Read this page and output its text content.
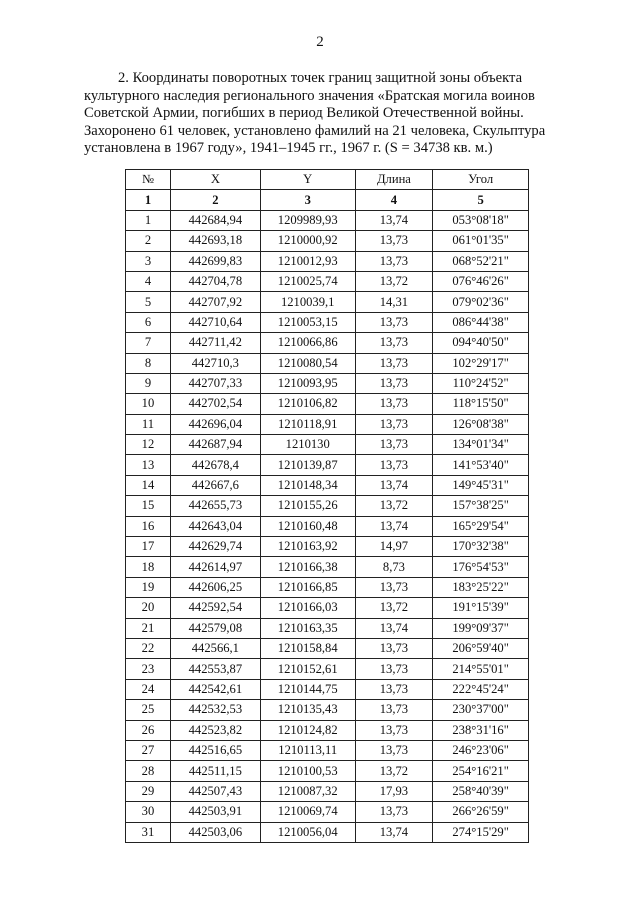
2
2. Координаты поворотных точек границ защитной зоны объекта
культурного наследия регионального значения «Братская могила воинов
Советской Армии, погибших в период Великой Отечественной войны.
Захоронено 61 человек, установлено фамилий на 21 человека, Скульптура
установлена в 1967 году», 1941–1945 гг., 1967 г. (S = 34738 кв. м.)
№	X	Y	Длина	Угол
1	2	3	4	5
1	442684,94	1209989,93	13,74	053°08'18"
2	442693,18	1210000,92	13,73	061°01'35"
3	442699,83	1210012,93	13,73	068°52'21"
4	442704,78	1210025,74	13,72	076°46'26"
5	442707,92	1210039,1	14,31	079°02'36"
6	442710,64	1210053,15	13,73	086°44'38"
7	442711,42	1210066,86	13,73	094°40'50"
8	442710,3	1210080,54	13,73	102°29'17"
9	442707,33	1210093,95	13,73	110°24'52"
10	442702,54	1210106,82	13,73	118°15'50"
11	442696,04	1210118,91	13,73	126°08'38"
12	442687,94	1210130	13,73	134°01'34"
13	442678,4	1210139,87	13,73	141°53'40"
14	442667,6	1210148,34	13,74	149°45'31"
15	442655,73	1210155,26	13,72	157°38'25"
16	442643,04	1210160,48	13,74	165°29'54"
17	442629,74	1210163,92	14,97	170°32'38"
18	442614,97	1210166,38	8,73	176°54'53"
19	442606,25	1210166,85	13,73	183°25'22"
20	442592,54	1210166,03	13,72	191°15'39"
21	442579,08	1210163,35	13,74	199°09'37"
22	442566,1	1210158,84	13,73	206°59'40"
23	442553,87	1210152,61	13,73	214°55'01"
24	442542,61	1210144,75	13,73	222°45'24"
25	442532,53	1210135,43	13,73	230°37'00"
26	442523,82	1210124,82	13,73	238°31'16"
27	442516,65	1210113,11	13,73	246°23'06"
28	442511,15	1210100,53	13,72	254°16'21"
29	442507,43	1210087,32	17,93	258°40'39"
30	442503,91	1210069,74	13,73	266°26'59"
31	442503,06	1210056,04	13,74	274°15'29"
